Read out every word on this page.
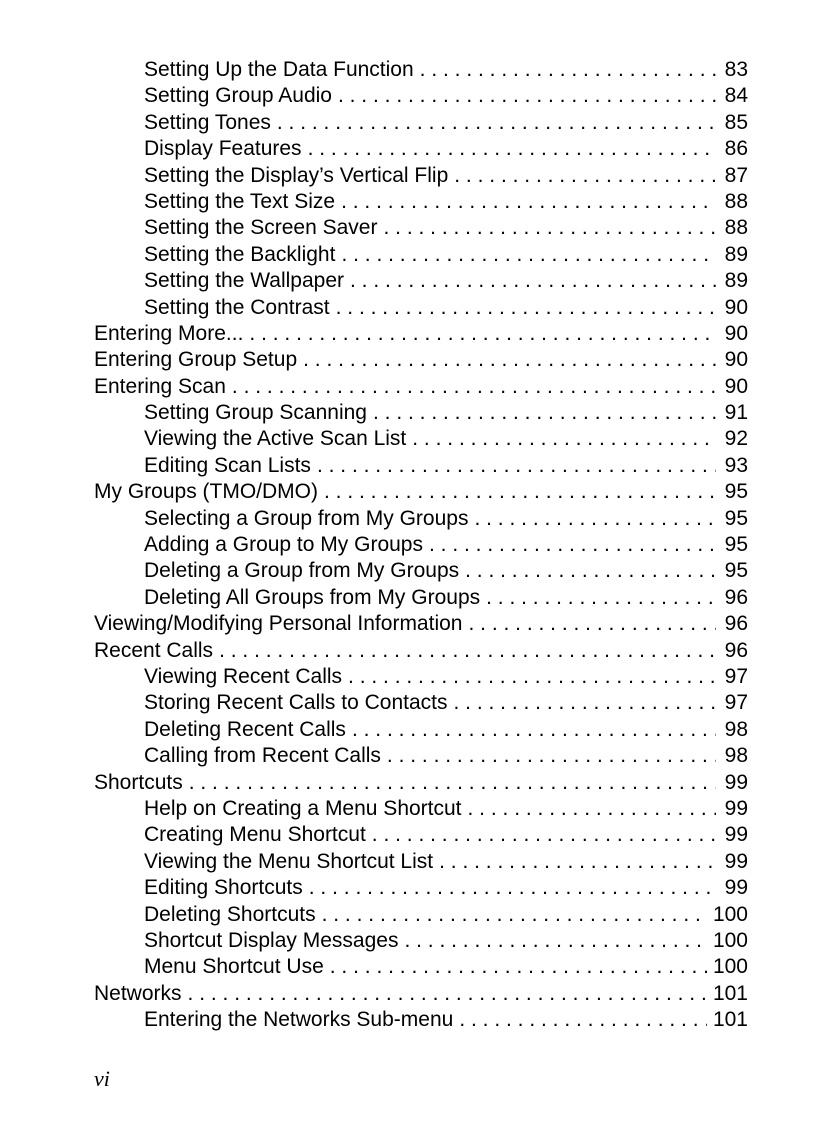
Setting Up the Data Function . . .	83
Setting Group Audio . . .	84
Setting Tones . . .	85
Display Features . . .	86
Setting the Display’s Vertical Flip . . .	87
Setting the Text Size . . .	88
Setting the Screen Saver . . .	88
Setting the Backlight . . .	89
Setting the Wallpaper . . .	89
Setting the Contrast . . .	90
Entering More... . . .	90
Entering Group Setup . . .	90
Entering Scan . . .	90
Setting Group Scanning . . .	91
Viewing the Active Scan List . . .	92
Editing Scan Lists . . .	93
My Groups (TMO/DMO) . . .	95
Selecting a Group from My Groups . . .	95
Adding a Group to My Groups . . .	95
Deleting a Group from My Groups . . .	95
Deleting All Groups from My Groups . . .	96
Viewing/Modifying Personal Information . . .	96
Recent Calls . . .	96
Viewing Recent Calls . . .	97
Storing Recent Calls to Contacts . . .	97
Deleting Recent Calls . . .	98
Calling from Recent Calls . . .	98
Shortcuts . . .	99
Help on Creating a Menu Shortcut . . .	99
Creating Menu Shortcut . . .	99
Viewing the Menu Shortcut List . . .	99
Editing Shortcuts . . .	99
Deleting Shortcuts . . .	100
Shortcut Display Messages . . .	100
Menu Shortcut Use . . .	100
Networks . . .	101
Entering the Networks Sub-menu . . .	101
vi
